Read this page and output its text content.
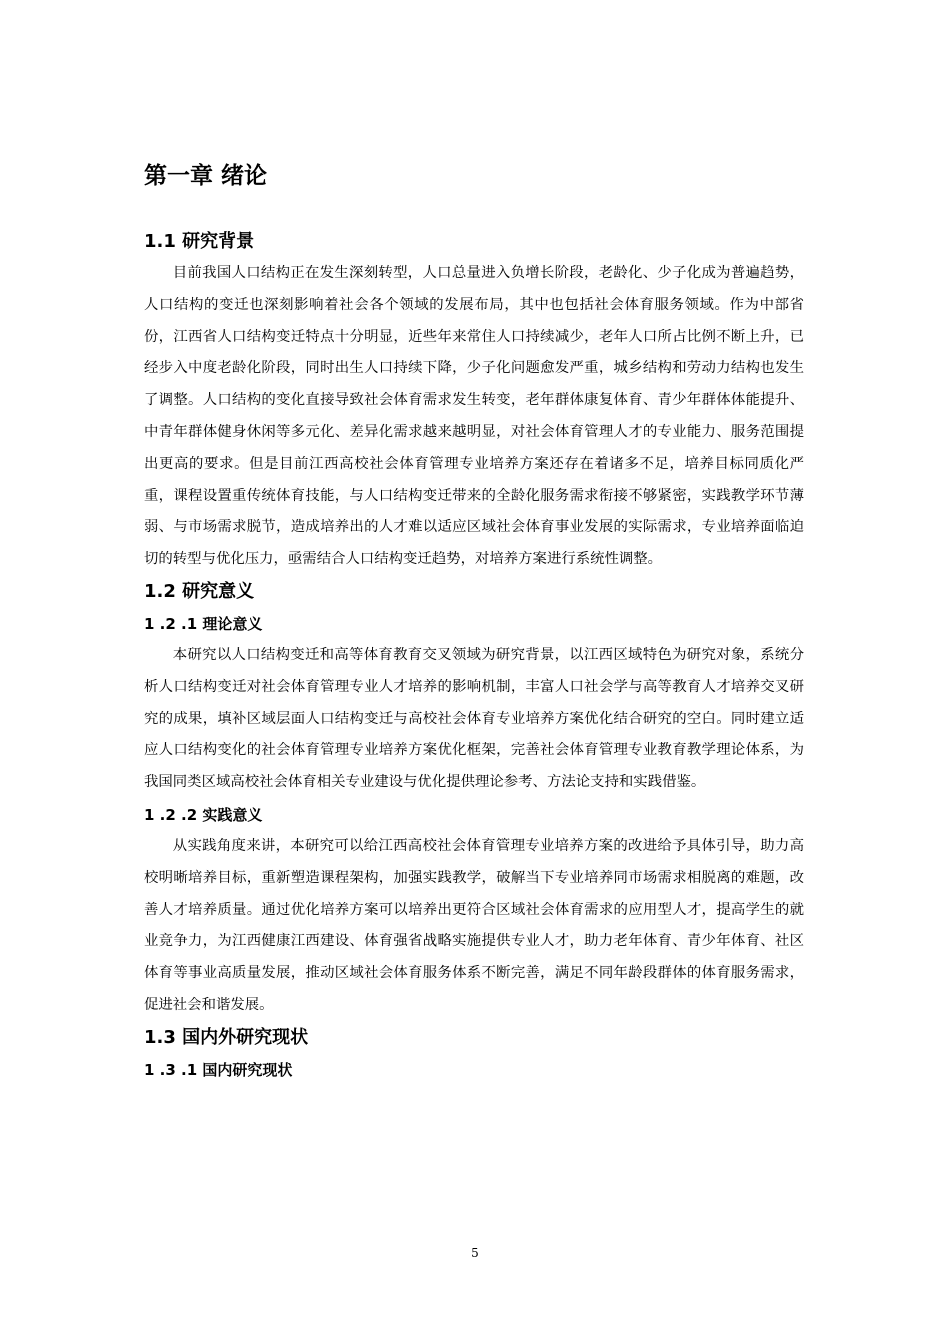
第一章 绪论
1.1 研究背景

目前我国人口结构正在发生深刻转型，人口总量进入负增长阶段，老龄化、少子化成为普遍趋势，人口结构的变迁也深刻影响着社会各个领域的发展布局，其中也包括社会体育服务领域。作为中部省份，江西省人口结构变迁特点十分明显，近些年来常住人口持续减少，老年人口所占比例不断上升，已经步入中度老龄化阶段，同时出生人口持续下降，少子化问题愈发严重，城乡结构和劳动力结构也发生了调整。人口结构的变化直接导致社会体育需求发生转变，老年群体康复体育、青少年群体体能提升、中青年群体健身休闲等多元化、差异化需求越来越明显，对社会体育管理人才的专业能力、服务范围提出更高的要求。但是目前江西高校社会体育管理专业培养方案还存在着诸多不足，培养目标同质化严重，课程设置重传统体育技能，与人口结构变迁带来的全龄化服务需求衔接不够紧密，实践教学环节薄弱、与市场需求脱节，造成培养出的人才难以适应区域社会体育事业发展的实际需求，专业培养面临迫切的转型与优化压力，亟需结合人口结构变迁趋势，对培养方案进行系统性调整。

1.2 研究意义
1 .2 .1 理论意义

本研究以人口结构变迁和高等体育教育交叉领域为研究背景，以江西区域特色为研究对象，系统分析人口结构变迁对社会体育管理专业人才培养的影响机制，丰富人口社会学与高等教育人才培养交叉研究的成果，填补区域层面人口结构变迁与高校社会体育专业培养方案优化结合研究的空白。同时建立适应人口结构变化的社会体育管理专业培养方案优化框架，完善社会体育管理专业教育教学理论体系，为我国同类区域高校社会体育相关专业建设与优化提供理论参考、方法论支持和实践借鉴。

1 .2 .2 实践意义

从实践角度来讲，本研究可以给江西高校社会体育管理专业培养方案的改进给予具体引导，助力高校明晰培养目标，重新塑造课程架构，加强实践教学，破解当下专业培养同市场需求相脱离的难题，改善人才培养质量。通过优化培养方案可以培养出更符合区域社会体育需求的应用型人才，提高学生的就业竞争力，为江西健康江西建设、体育强省战略实施提供专业人才，助力老年体育、青少年体育、社区体育等事业高质量发展，推动区域社会体育服务体系不断完善，满足不同年龄段群体的体育服务需求，促进社会和谐发展。

1.3 国内外研究现状
1 .3 .1 国内研究现状
5
